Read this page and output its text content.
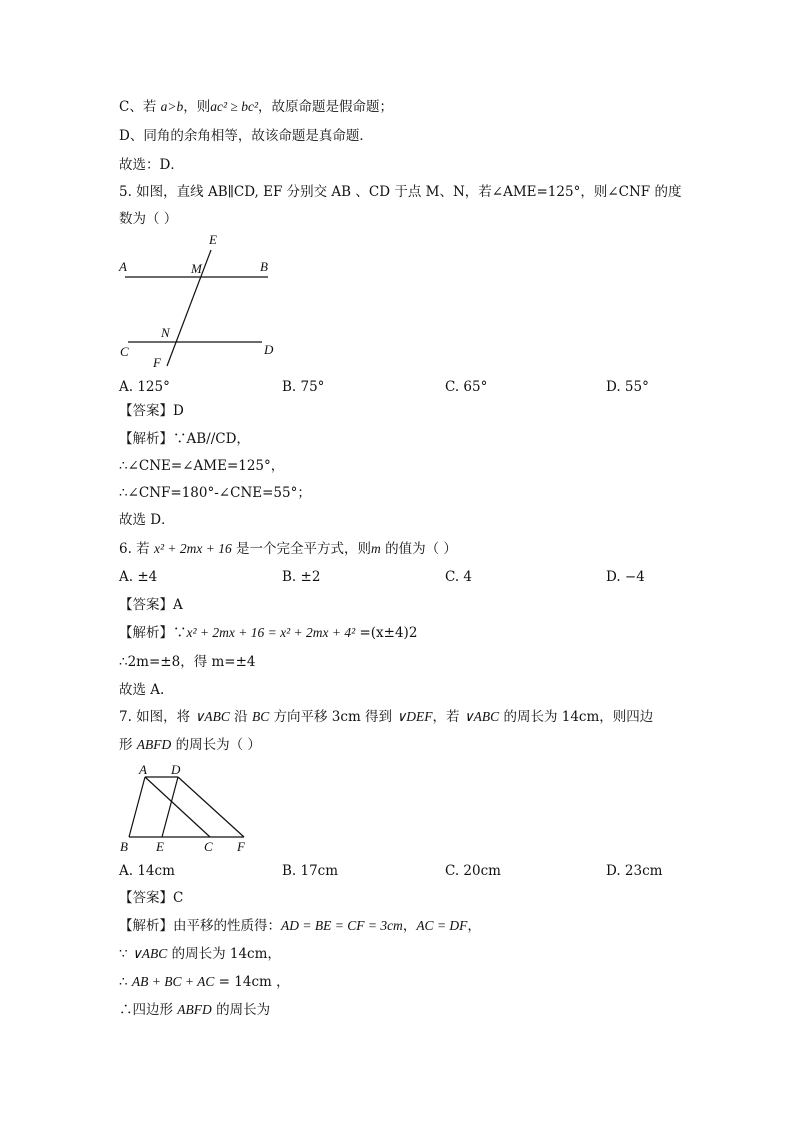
C、若 a>b，则ac² ≥ bc²，故原命题是假命题；
D、同角的余角相等，故该命题是真命题．
故选：D．
5. 如图，直线 AB∥CD, EF 分别交 AB 、CD 于点 M、N，若∠AME=125°，则∠CNF 的度
数为（ ）
E
A	M	B
N
C	D
F
A. 125°	B. 75°	C. 65°	D. 55°
【答案】D
【解析】∵AB//CD，
∴∠CNE=∠AME=125°，
∴∠CNF=180°-∠CNE=55°；
故选 D．
6. 若 x² + 2mx + 16 是一个完全平方式，则m 的值为（ ）
A. ±4	B. ±2	C. 4	D. −4
【答案】A
【解析】∵x² + 2mx + 16 = x² + 2mx + 4² =(x±4)2
∴2m=±8，得 m=±4
故选 A.
7. 如图，将 ∨ABC 沿 BC 方向平移 3cm 得到 ∨DEF，若 ∨ABC 的周长为 14cm，则四边
形 ABFD 的周长为（ ）
A D
B E	C F
A. 14cm	B. 17cm	C. 20cm	D. 23cm
【答案】C
【解析】由平移的性质得：AD = BE = CF = 3cm，AC = DF，
∵ ∨ABC 的周长为 14cm，
∴ AB + BC + AC = 14cm ，
∴四边形 ABFD 的周长为
